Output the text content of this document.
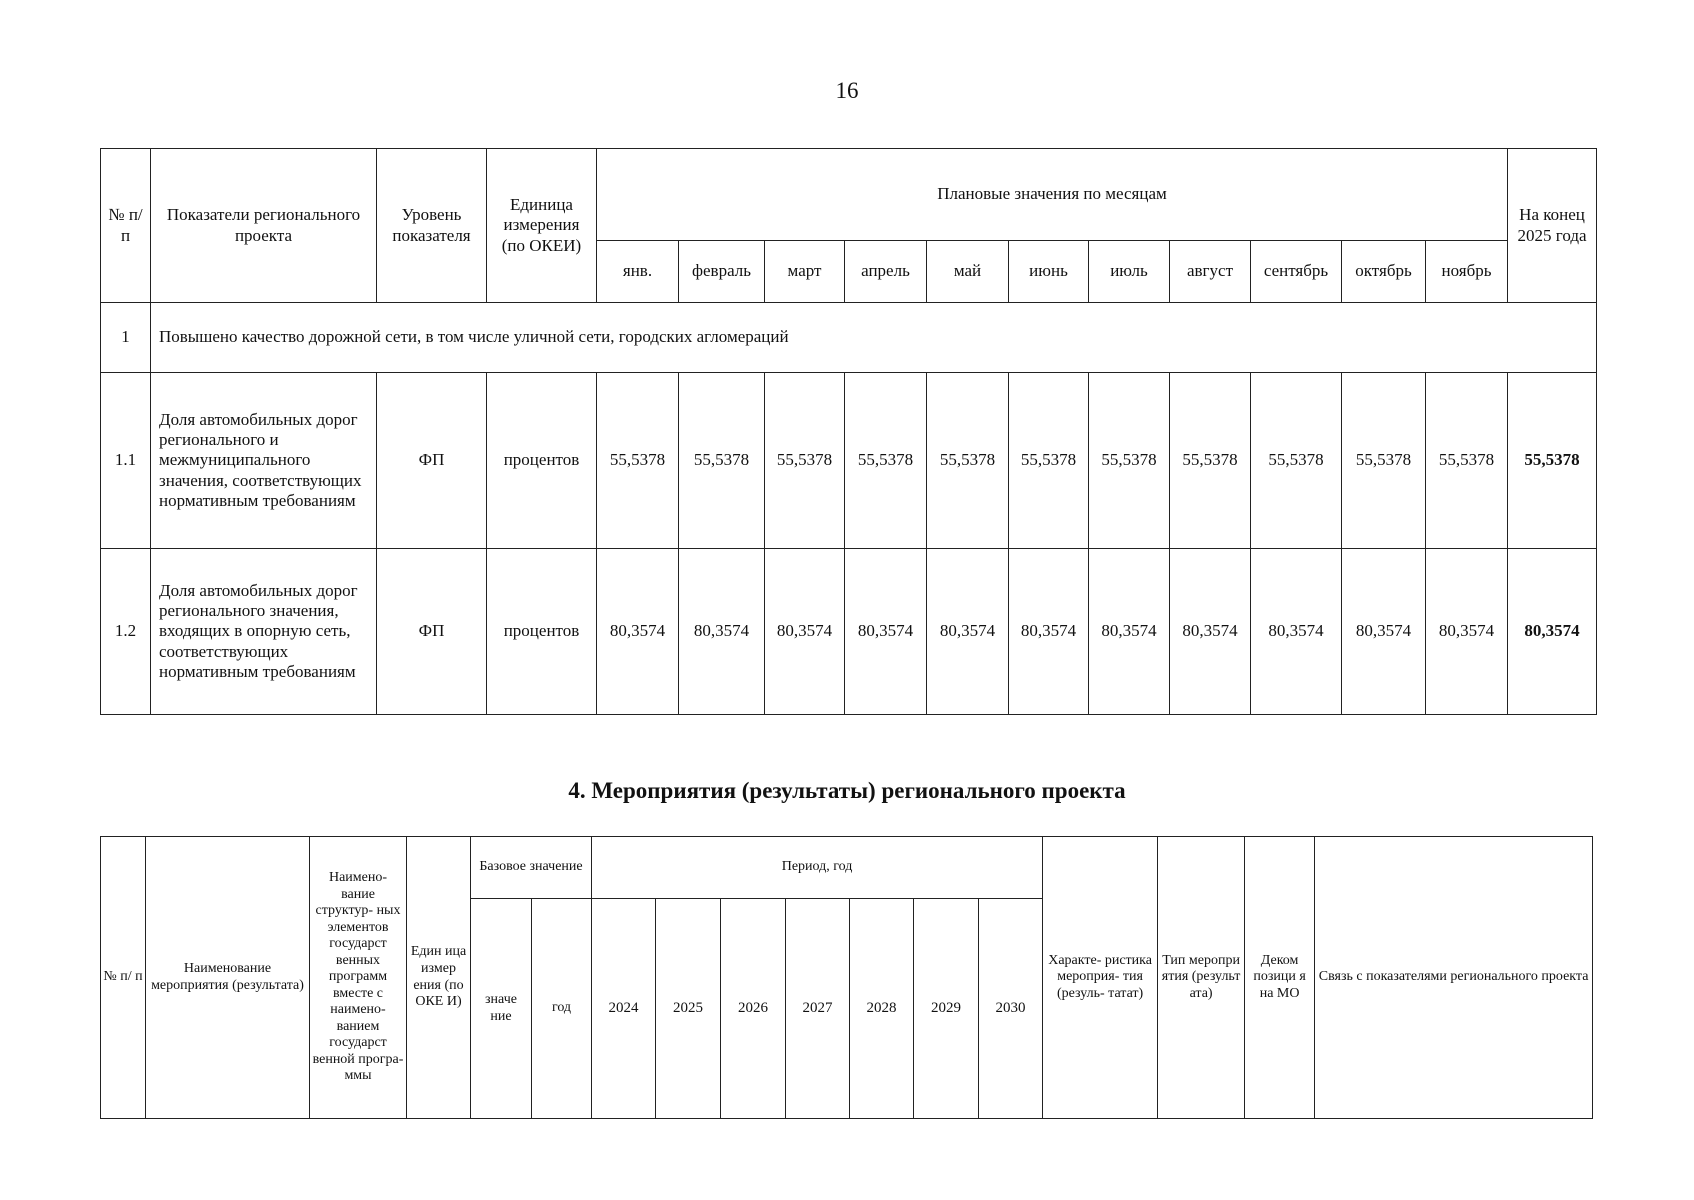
16
№ п/п	Показатели регионального проекта	Уровень показателя	Единица измерения (по ОКЕИ)	Плановые значения по месяцам											На конец 2025 года
				янв.	февраль	март	апрель	май	июнь	июль	август	сентябрь	октябрь	ноябрь	
1	Повышено качество дорожной сети, в том числе уличной сети, городских агломераций														
1.1	Доля автомобильных дорог регионального и межмуниципального значения, соответствующих нормативным требованиям	ФП	процентов	55,5378	55,5378	55,5378	55,5378	55,5378	55,5378	55,5378	55,5378	55,5378	55,5378	55,5378	55,5378
1.2	Доля автомобильных дорог регионального значения, входящих в опорную сеть, соответствующих нормативным требованиям	ФП	процентов	80,3574	80,3574	80,3574	80,3574	80,3574	80,3574	80,3574	80,3574	80,3574	80,3574	80,3574	80,3574
4. Мероприятия (результаты) регионального проекта
№ п/ п	Наименование мероприятия (результата)	Наимено- вание структур- ных элементов государст венных программ вместе с наимено- ванием государст венной програ- ммы	Един ица измер ения (по ОКЕ И)	Базовое значение		Период, год							Характе- ристика мероприя- тия (резуль- татат)	Тип меропри ятия (результ ата)	Деком позици я на МО	Связь с показателями регионального проекта
				значе ние	год	2024	2025	2026	2027	2028	2029	2030				
